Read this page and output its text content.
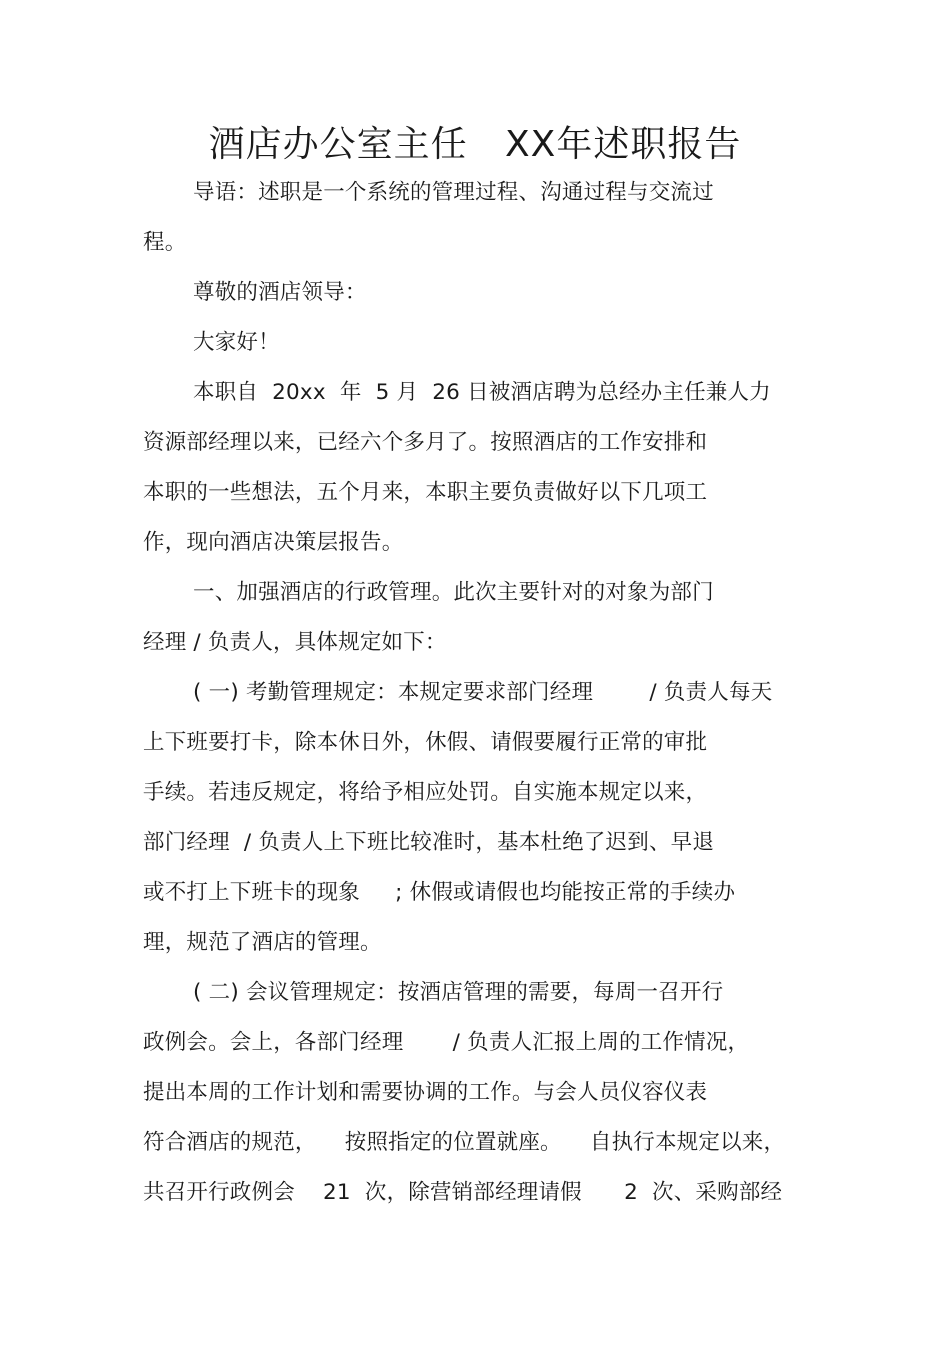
酒店办公室主任   XX年述职报告
导语：述职是一个系统的管理过程、沟通过程与交流过
程。
尊敬的酒店领导：
大家好！
本职自  20xx  年  5 月  26 日被酒店聘为总经办主任兼人力
资源部经理以来，已经六个多月了。按照酒店的工作安排和
本职的一些想法，五个月来，本职主要负责做好以下几项工
作，现向酒店决策层报告。
一、加强酒店的行政管理。此次主要针对的对象为部门
经理 / 负责人，具体规定如下：
( 一) 考勤管理规定：本规定要求部门经理        / 负责人每天
上下班要打卡，除本休日外，休假、请假要履行正常的审批
手续。若违反规定，将给予相应处罚。自实施本规定以来，
部门经理  / 负责人上下班比较准时，基本杜绝了迟到、早退
或不打上下班卡的现象     ; 休假或请假也均能按正常的手续办
理，规范了酒店的管理。
( 二) 会议管理规定：按酒店管理的需要，每周一召开行
政例会。会上，各部门经理       / 负责人汇报上周的工作情况，
提出本周的工作计划和需要协调的工作。与会人员仪容仪表
符合酒店的规范，    按照指定的位置就座。    自执行本规定以来，
共召开行政例会    21  次，除营销部经理请假      2  次、采购部经
